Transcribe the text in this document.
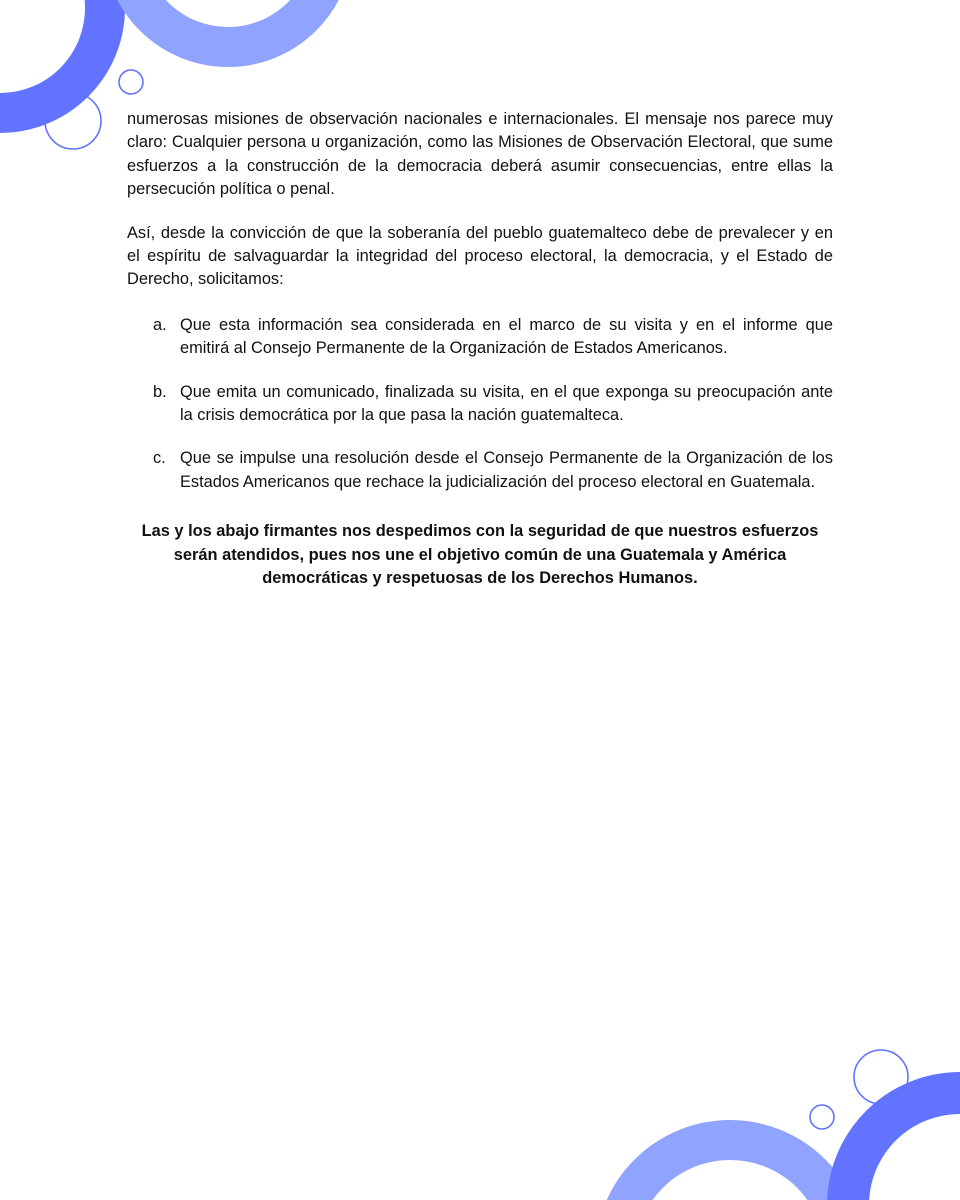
numerosas misiones de observación nacionales e internacionales. El mensaje nos parece muy claro: Cualquier persona u organización, como las Misiones de Observación Electoral, que sume esfuerzos a la construcción de la democracia deberá asumir consecuencias, entre ellas la persecución política o penal.

Así, desde la convicción de que la soberanía del pueblo guatemalteco debe de prevalecer y en el espíritu de salvaguardar la integridad del proceso electoral, la democracia, y el Estado de Derecho, solicitamos:

a. Que esta información sea considerada en el marco de su visita y en el informe que emitirá al Consejo Permanente de la Organización de Estados Americanos.
b. Que emita un comunicado, finalizada su visita, en el que exponga su preocupación ante la crisis democrática por la que pasa la nación guatemalteca.
c. Que se impulse una resolución desde el Consejo Permanente de la Organización de los Estados Americanos que rechace la judicialización del proceso electoral en Guatemala.

Las y los abajo firmantes nos despedimos con la seguridad de que nuestros esfuerzos serán atendidos, pues nos une el objetivo común de una Guatemala y América democráticas y respetuosas de los Derechos Humanos.
